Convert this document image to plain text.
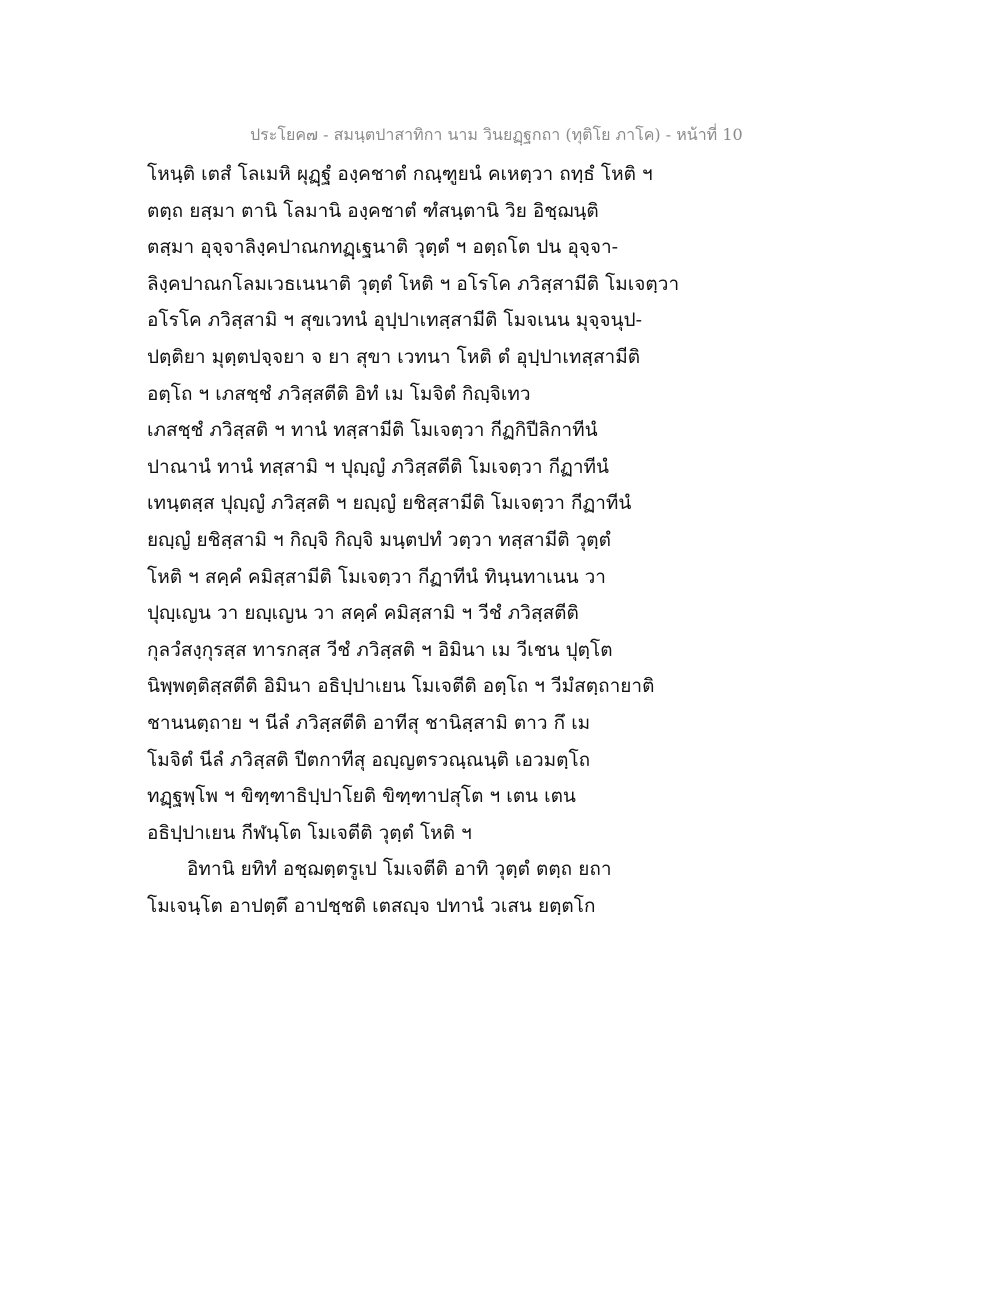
ประโยค๗ - สมนฺตปาสาทิกา นาม วินยฏฺฐกถา (ทุติโย ภาโค) - หน้าที่ 10
โหนฺติ เตสํ โลเมหิ ผุฏฺฐํ องฺคชาตํ กณฺฑูยนํ คเหตฺวา ถทฺธํ โหติ ฯ
ตตฺถ ยสฺมา ตานิ โลมานิ องฺคชาตํ ฑํสนฺตานิ วิย อิชฺฌนฺติ
ตสฺมา อุจฺจาลิงฺคปาณกทฏฺเฐนาติ วุตฺตํ ฯ อตฺถโต ปน อุจฺจา-
ลิงฺคปาณกโลมเวธเนนาติ วุตฺตํ โหติ ฯ อโรโค ภวิสฺสามีติ โมเจตฺวา
อโรโค ภวิสฺสามิ ฯ สุขเวทนํ อุปฺปาเทสฺสามีติ โมจเนน มุจฺจนุป-
ปตฺติยา มุตฺตปจฺจยา จ ยา สุขา เวทนา โหติ ตํ อุปฺปาเทสฺสามีติ
อตฺโถ ฯ เภสชฺชํ ภวิสฺสตีติ อิทํ เม โมจิตํ กิญฺจิเทว
เภสชฺชํ ภวิสฺสติ ฯ ทานํ ทสฺสามีติ โมเจตฺวา กีฏกิปีลิกาทีนํ
ปาณานํ ทานํ ทสฺสามิ ฯ ปุญฺญํ ภวิสฺสตีติ โมเจตฺวา กีฏาทีนํ
เทนฺตสฺส ปุญฺญํ ภวิสฺสติ ฯ ยญฺญํ ยชิสฺสามีติ โมเจตฺวา กีฏาทีนํ
ยญฺญํ ยชิสฺสามิ ฯ กิญฺจิ กิญฺจิ มนฺตปทํ วตฺวา ทสฺสามีติ วุตฺตํ
โหติ ฯ สคฺคํ คมิสฺสามีติ โมเจตฺวา กีฏาทีนํ ทินฺนทาเนน วา
ปุญฺเญน วา ยญฺเญน วา สคฺคํ คมิสฺสามิ ฯ วีชํ ภวิสฺสตีติ
กุลวํสงฺกุรสฺส ทารกสฺส วีชํ ภวิสฺสติ ฯ อิมินา เม วีเชน ปุตฺโต
นิพฺพตฺติสฺสตีติ อิมินา อธิปฺปาเยน โมเจตีติ อตฺโถ ฯ วีมํสตฺถายาติ
ชานนตฺถาย ฯ นีลํ ภวิสฺสตีติ อาทีสุ ชานิสฺสามิ ตาว กึ เม
โมจิตํ นีลํ ภวิสฺสติ ปีตกาทีสุ อญฺญตรวณฺณนฺติ เอวมตฺโถ
ทฏฺฐพฺโพ ฯ ขิฑฺฑาธิปฺปาโยติ ขิฑฺฑาปสุโต ฯ เตน เตน
อธิปฺปาเยน กีฬนฺโต โมเจตีติ วุตฺตํ โหติ ฯ
อิทานิ ยทิทํ อชฺฌตฺตรูเป โมเจตีติ อาทิ วุตฺตํ ตตฺถ ยถา
โมเจนฺโต อาปตฺตึ อาปชฺชติ เตสญฺจ ปทานํ วเสน ยตฺตโก
